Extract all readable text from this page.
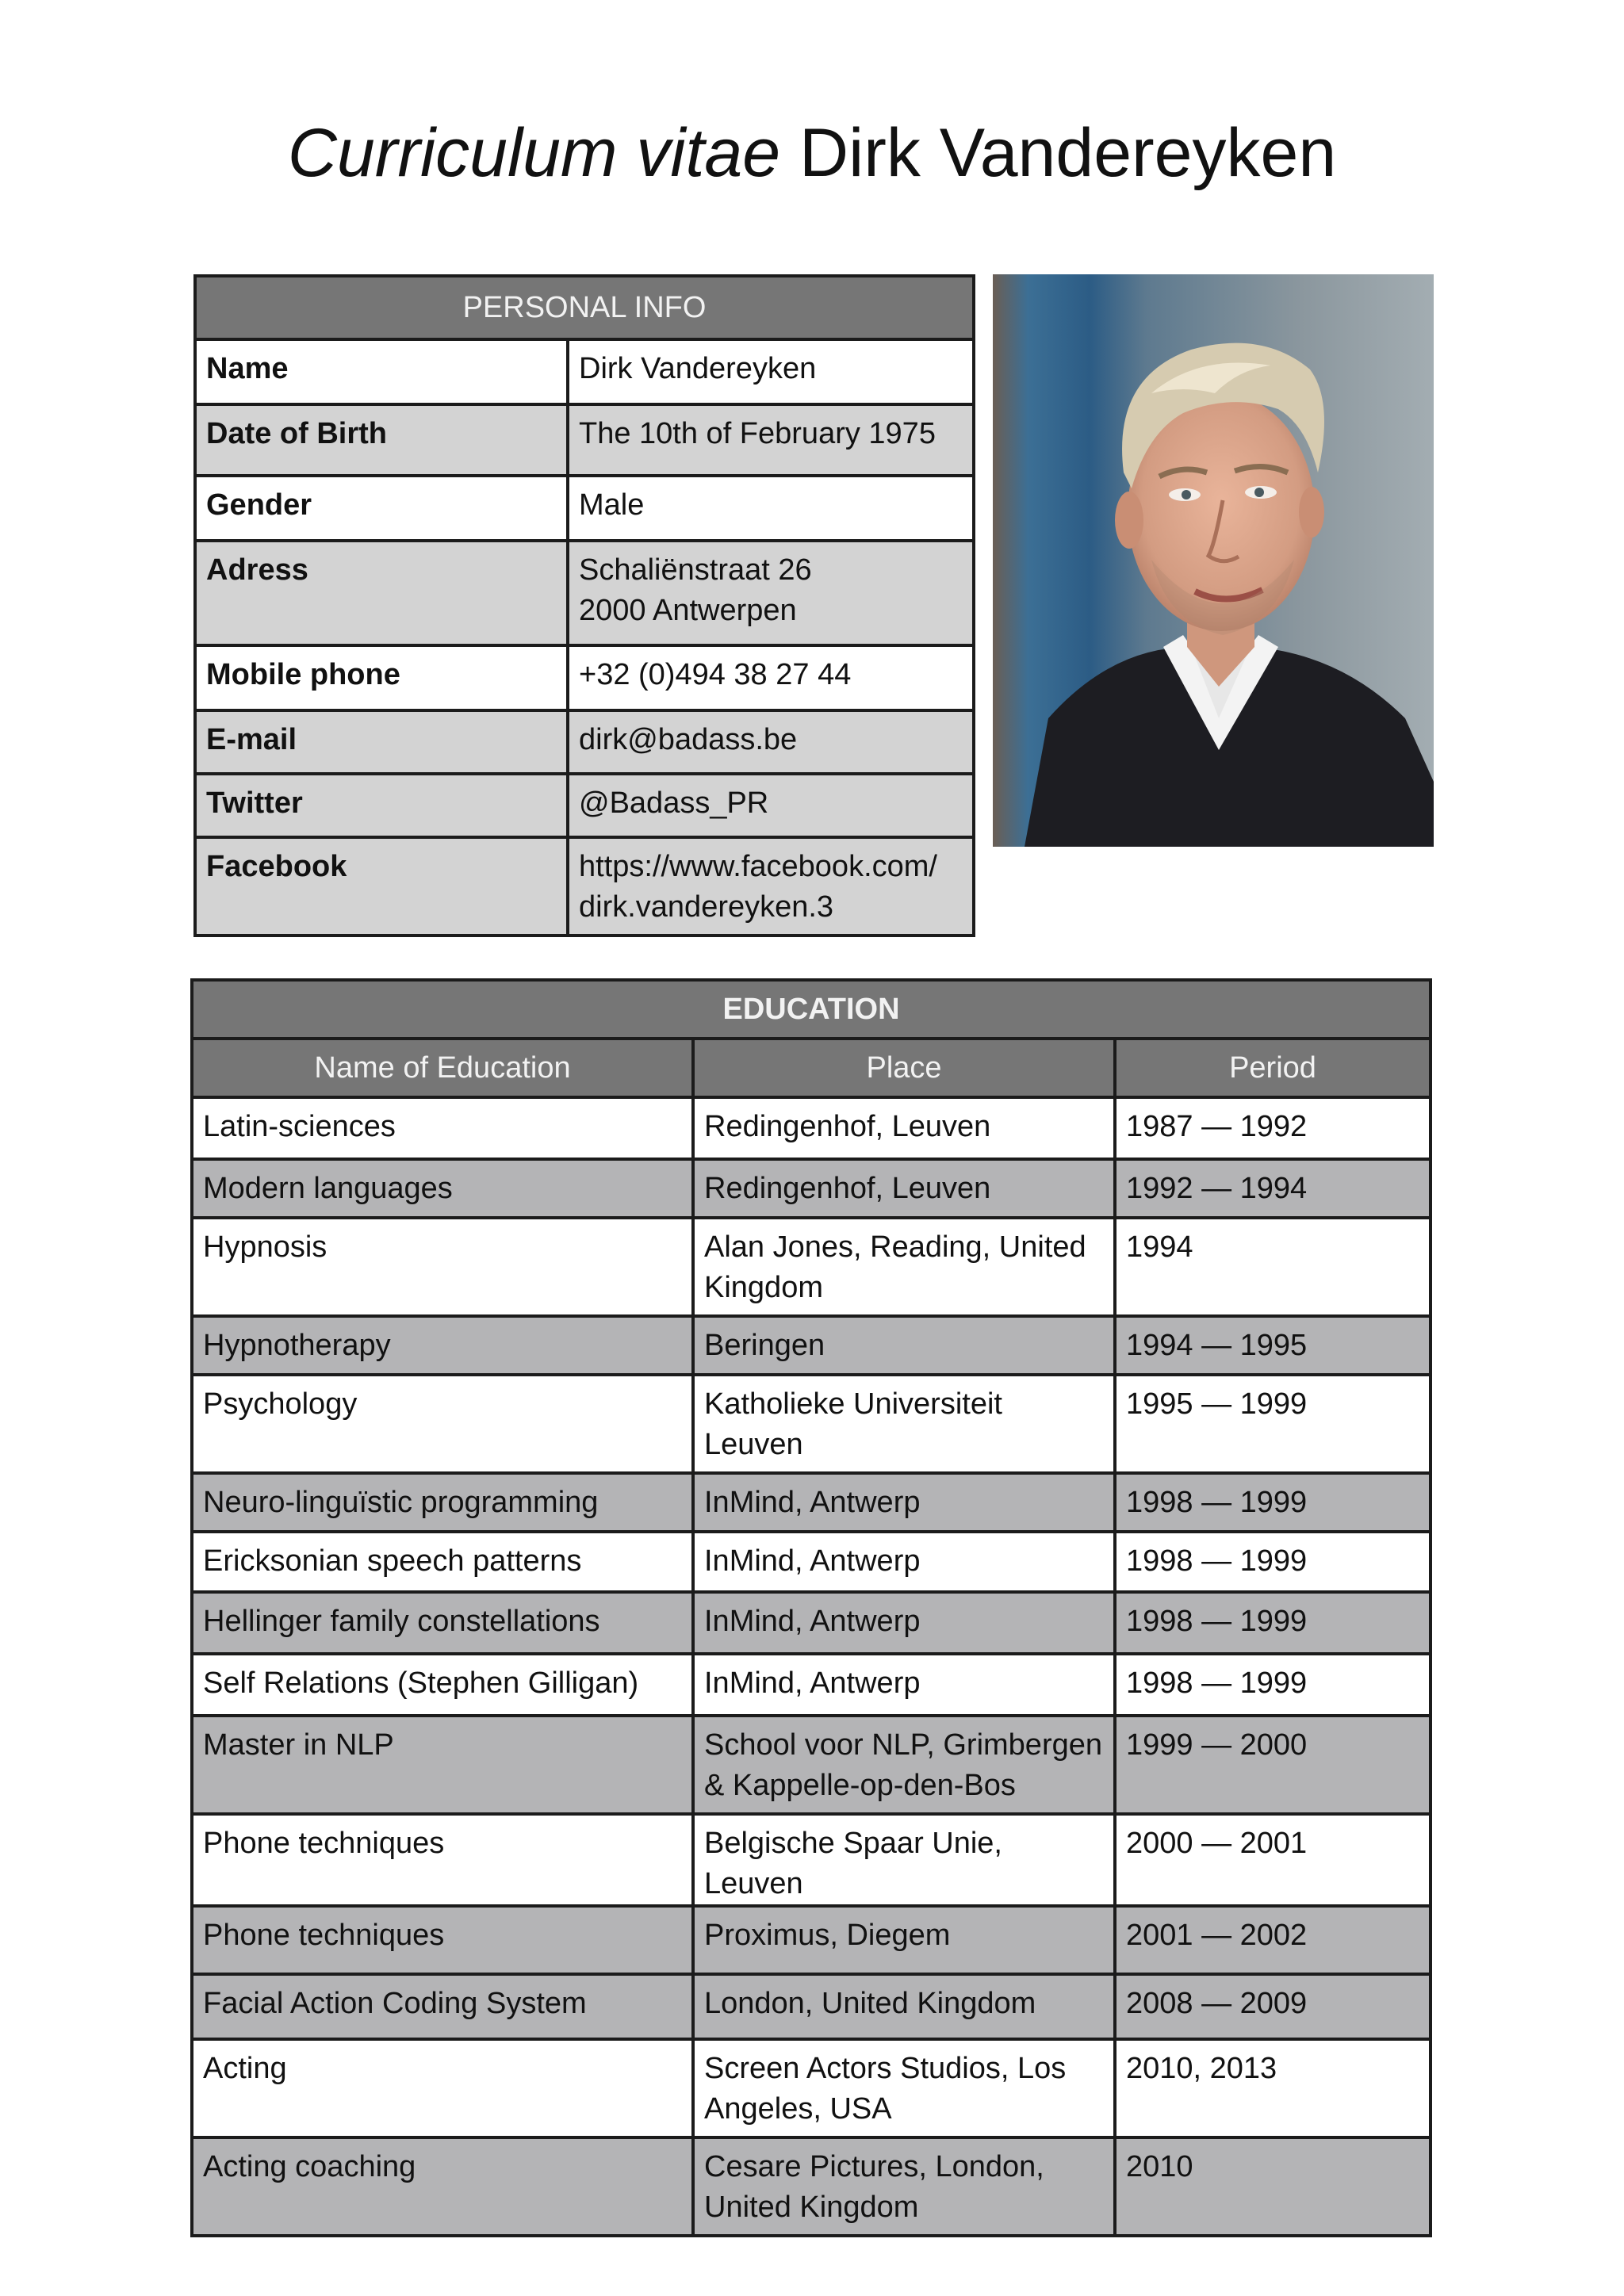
Curriculum vitae Dirk Vandereyken
PERSONAL INFO	
Name	Dirk Vandereyken
Date of Birth	The 10th of February 1975
Gender	Male
Adress	Schaliënstraat 26
2000 Antwerpen
Mobile phone	+32 (0)494 38 27 44
E-mail	dirk@badass.be
Twitter	@Badass_PR
Facebook	https://www.facebook.com/
dirk.vandereyken.3
EDUCATION		
Name of Education	Place	Period
Latin-sciences	Redingenhof, Leuven	1987 — 1992
Modern languages	Redingenhof, Leuven	1992 — 1994
Hypnosis	Alan Jones, Reading, United Kingdom	1994
Hypnotherapy	Beringen	1994 — 1995
Psychology	Katholieke Universiteit Leuven	1995 — 1999
Neuro-linguïstic programming	InMind, Antwerp	1998 — 1999
Ericksonian speech patterns	InMind, Antwerp	1998 — 1999
Hellinger family constellations	InMind, Antwerp	1998 — 1999
Self Relations (Stephen Gilligan)	InMind, Antwerp	1998 — 1999
Master in NLP	School voor NLP, Grimbergen & Kappelle-op-den-Bos	1999 — 2000
Phone techniques	Belgische Spaar Unie, Leuven	2000 — 2001
Phone techniques	Proximus, Diegem	2001 — 2002
Facial Action Coding System	London, United Kingdom	2008 — 2009
Acting	Screen Actors Studios, Los Angeles, USA	2010, 2013
Acting coaching	Cesare Pictures, London, United Kingdom	2010
